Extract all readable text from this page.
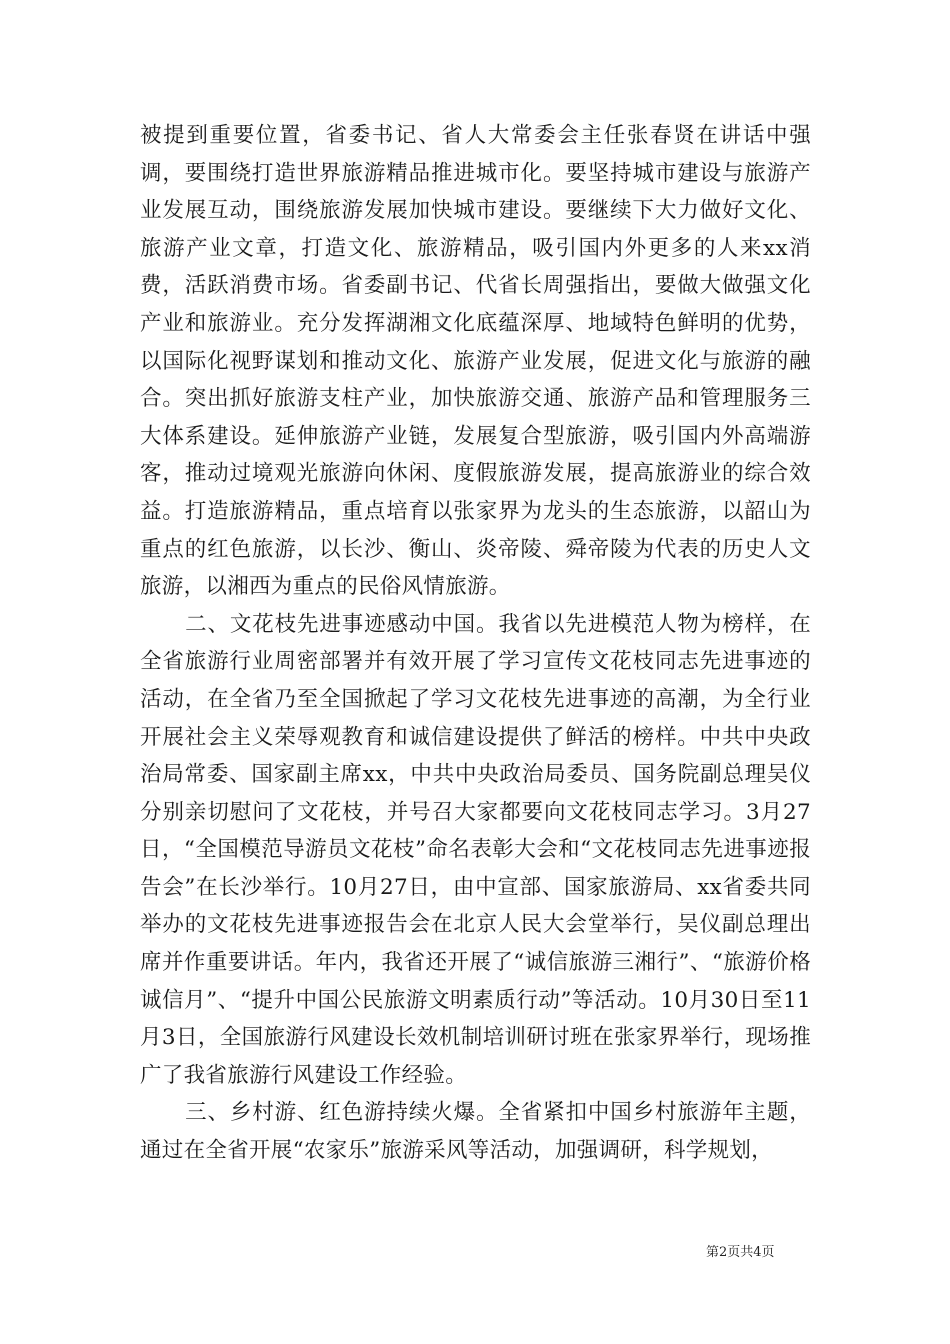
被提到重要位置，省委书记、省人大常委会主任张春贤在讲话中强调，要围绕打造世界旅游精品推进城市化。要坚持城市建设与旅游产业发展互动，围绕旅游发展加快城市建设。要继续下大力做好文化、旅游产业文章，打造文化、旅游精品，吸引国内外更多的人来xx消费，活跃消费市场。省委副书记、代省长周强指出，要做大做强文化产业和旅游业。充分发挥湖湘文化底蕴深厚、地域特色鲜明的优势，以国际化视野谋划和推动文化、旅游产业发展，促进文化与旅游的融合。突出抓好旅游支柱产业，加快旅游交通、旅游产品和管理服务三大体系建设。延伸旅游产业链，发展复合型旅游，吸引国内外高端游客，推动过境观光旅游向休闲、度假旅游发展，提高旅游业的综合效益。打造旅游精品，重点培育以张家界为龙头的生态旅游，以韶山为重点的红色旅游，以长沙、衡山、炎帝陵、舜帝陵为代表的历史人文旅游，以湘西为重点的民俗风情旅游。

二、文花枝先进事迹感动中国。我省以先进模范人物为榜样，在全省旅游行业周密部署并有效开展了学习宣传文花枝同志先进事迹的活动，在全省乃至全国掀起了学习文花枝先进事迹的高潮，为全行业开展社会主义荣辱观教育和诚信建设提供了鲜活的榜样。中共中央政治局常委、国家副主席xx，中共中央政治局委员、国务院副总理吴仪分别亲切慰问了文花枝，并号召大家都要向文花枝同志学习。3月27日，“全国模范导游员文花枝”命名表彰大会和“文花枝同志先进事迹报告会”在长沙举行。10月27日，由中宣部、国家旅游局、xx省委共同举办的文花枝先进事迹报告会在北京人民大会堂举行，吴仪副总理出席并作重要讲话。年内，我省还开展了“诚信旅游三湘行”、“旅游价格诚信月”、“提升中国公民旅游文明素质行动”等活动。10月30日至11月3日，全国旅游行风建设长效机制培训研讨班在张家界举行，现场推广了我省旅游行风建设工作经验。

三、乡村游、红色游持续火爆。全省紧扣中国乡村旅游年主题，通过在全省开展“农家乐”旅游采风等活动，加强调研，科学规划，

第2页共4页
